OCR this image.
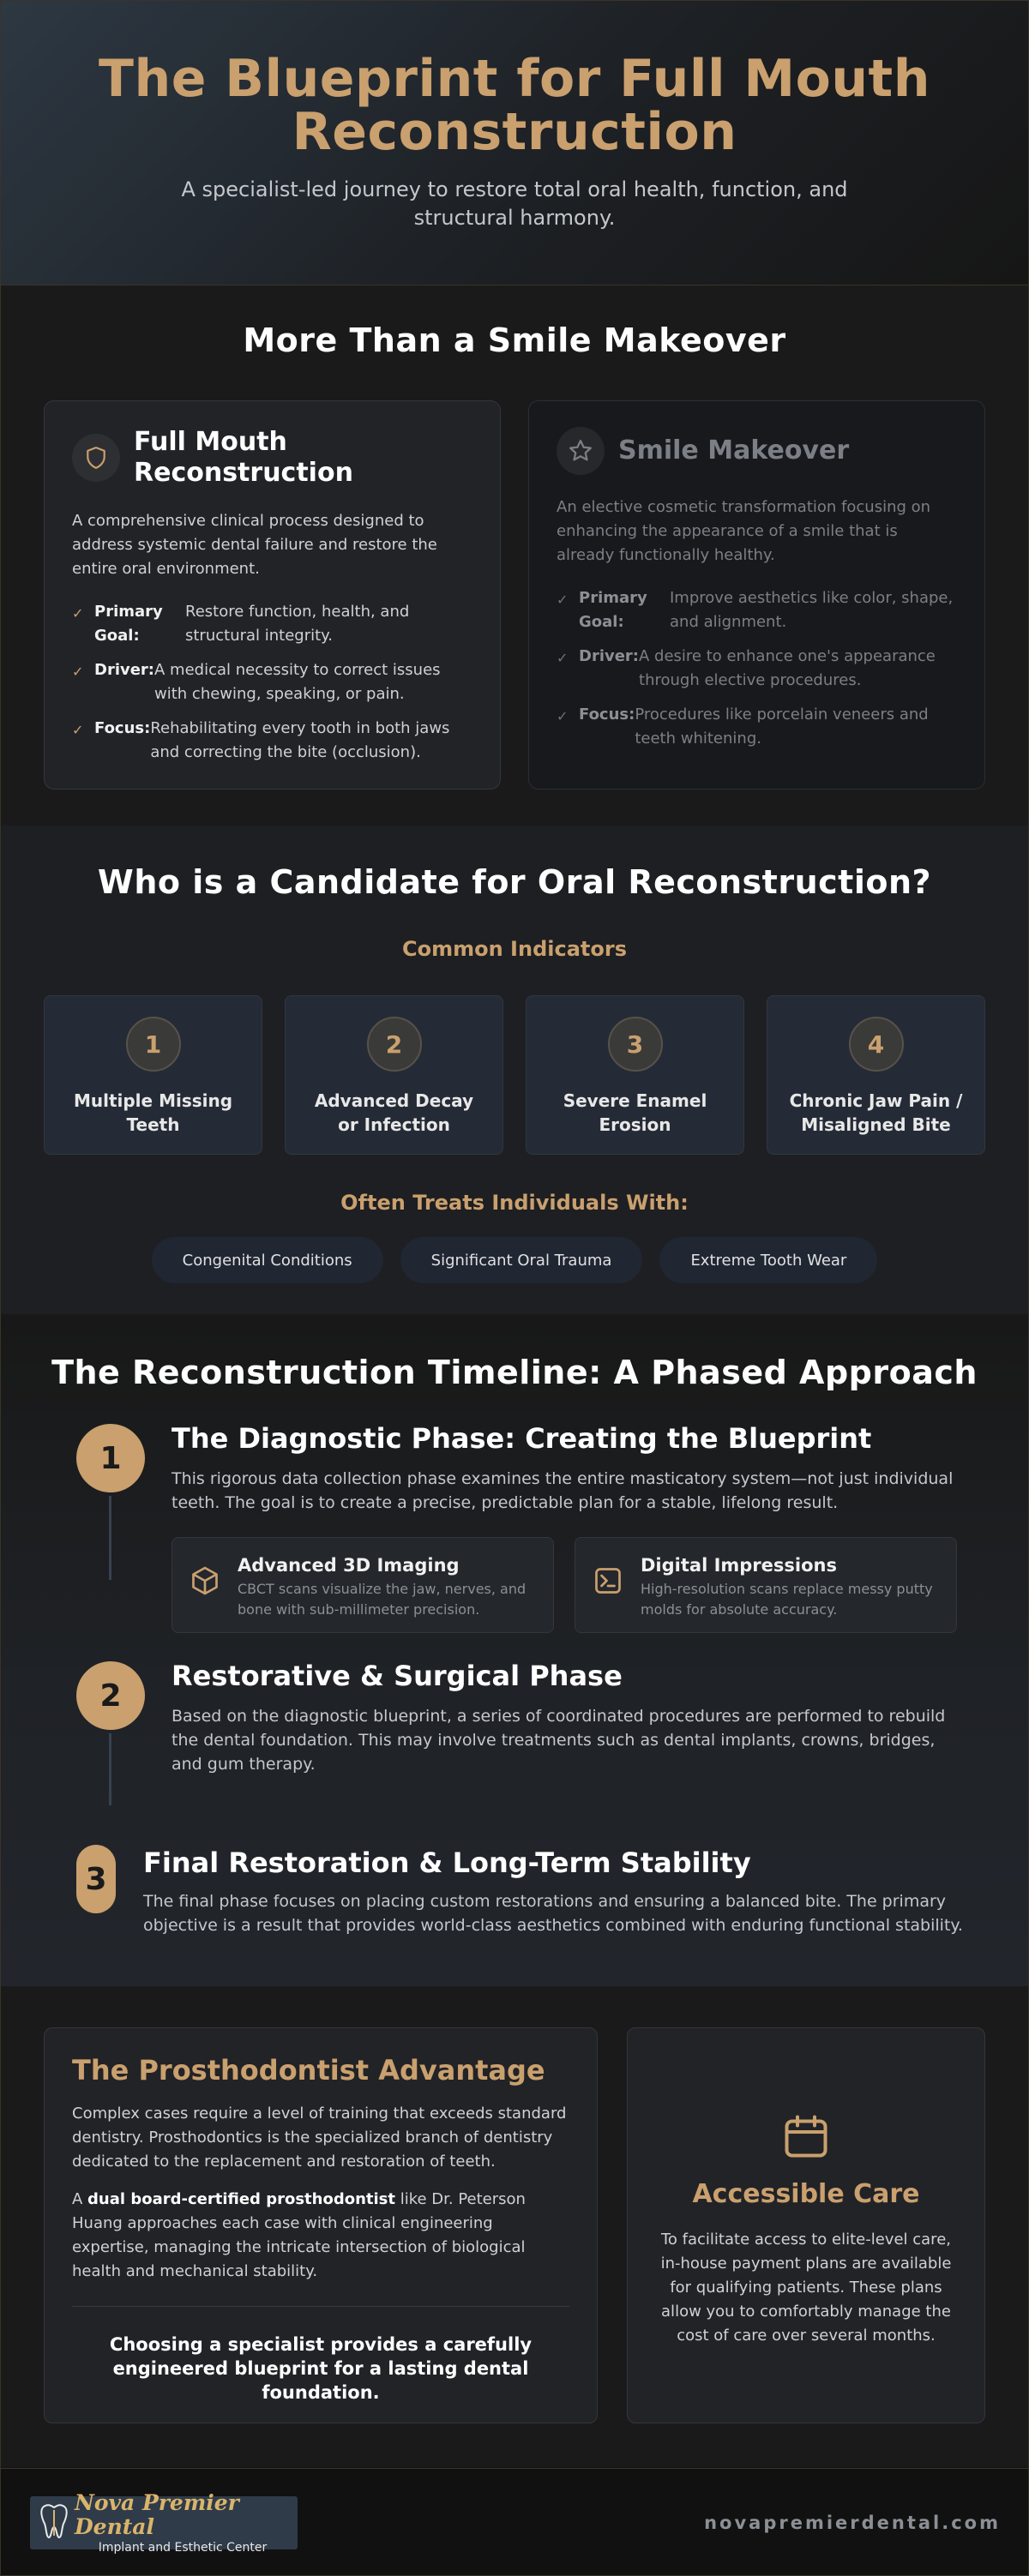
The Blueprint for Full Mouth Reconstruction

A specialist-led journey to restore total oral health, function, and structural harmony.

More Than a Smile Makeover
Full Mouth Reconstruction

A comprehensive clinical process designed to address systemic dental failure and restore the entire oral environment.

✓ Primary Goal:
Restore function, health, and structural integrity.
✓ Driver: A medical necessity to correct issues with chewing, speaking, or pain.
✓ Focus: Rehabilitating every tooth in both jaws and correcting the bite (occlusion).
Smile Makeover

An elective cosmetic transformation focusing on enhancing the appearance of a smile that is already functionally healthy.

✓ Primary Goal:
Improve aesthetics like color, shape, and alignment.
✓ Driver: A desire to enhance one's appearance through elective procedures.
✓ Focus: Procedures like porcelain veneers and teeth whitening.
Who is a Candidate for Oral Reconstruction?
Common Indicators
1
Multiple Missing Teeth
2
Advanced Decay or Infection
3
Severe Enamel Erosion
4
Chronic Jaw Pain / Misaligned Bite
Often Treats Individuals With:
Congenital Conditions	Significant Oral Trauma	Extreme Tooth Wear
The Reconstruction Timeline: A Phased Approach
1
The Diagnostic Phase: Creating the Blueprint

This rigorous data collection phase examines the entire masticatory system—not just individual teeth. The goal is to create a precise, predictable plan for a stable, lifelong result.

Advanced 3D Imaging
CBCT scans visualize the jaw, nerves, and bone with sub-millimeter precision.
Digital Impressions
High-resolution scans replace messy putty molds for absolute accuracy.
2
Restorative & Surgical Phase

Based on the diagnostic blueprint, a series of coordinated procedures are performed to rebuild the dental foundation. This may involve treatments such as dental implants, crowns, bridges, and gum therapy.

3	Final Restoration & Long-Term Stability

The final phase focuses on placing custom restorations and ensuring a balanced bite. The primary objective is a result that provides world-class aesthetics combined with enduring functional stability.

The Prosthodontist Advantage

Complex cases require a level of training that exceeds standard dentistry. Prosthodontics is the specialized branch of dentistry dedicated to the replacement and restoration of teeth.

A dual board-certified prosthodontist like Dr. Peterson Huang approaches each case with clinical engineering expertise, managing the intricate intersection of biological health and mechanical stability.

Choosing a specialist provides a carefully engineered blueprint for a lasting dental foundation.

Accessible Care

To facilitate access to elite-level care, in-house payment plans are available for qualifying patients. These plans allow you to comfortably manage the cost of care over several months.

Nova Premier Dental
Implant and Esthetic Center
novapremierdental.com
